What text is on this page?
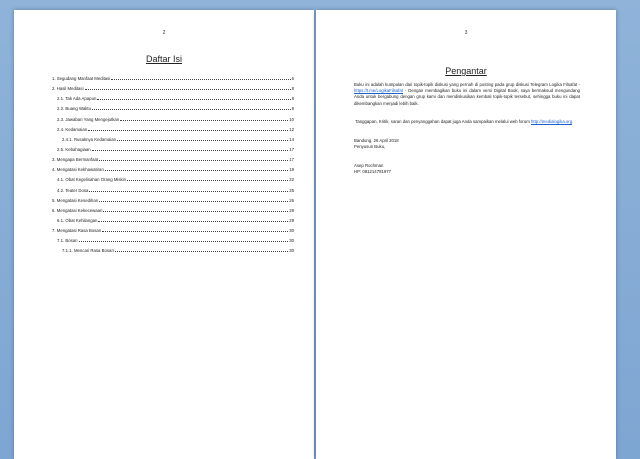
2
Daftar Isi
1. Segudang Manfaat Meditasi	6
2. Hasil Meditasi	8
2.1. Tak Ada Apapun	8
2.2. Buang Waktu	9
2.3. Jawaban Yang Mengejutkan	10
2.4. Kedamaian	12
2.4.1. Rusaknya Kedamaian	14
2.5. Kebahagiaan	17
3. Mengapa Bermanfaat	17
4. Mengatasi Kekhawatiran	19
4.1. Obat Kegelisahan Orang Miskin	22
4.2. Teater Dosa	25
5. Mengatasi Kesedihan	26
6. Mengatasi Kekecewaan	28
6.1. Obat Kehilangan	29
7. Mengatasi Rasa Bosan	30
7.1. Bosan	30
7.1.1. Mencari Rasa Bosan	30
3
Pengantar

Buku ini adalah kumpulan dari topik-topik diskusi yang pernah di posting pada grup diskusi Telegram Logika Filsafat - https://t.me/LogikaFilsafat - Dengan membagikan buku ini dalam versi Digital Book, saya bermaksud mengundang Anda untuk bergabung dengan grup kami dan mendiskusikan kembali topik-topik tersebut, sehingga buku ini dapat dikembangkan menjadi lebih baik.

Tanggapan, Kritik, saran dan penyanggahan dapat juga Anda sampaikan melalui web forum http://medialogika.org.

Bandung, 26 April 2018
Penyusun Buku,
Asep Rochman
HP: 081214781977
